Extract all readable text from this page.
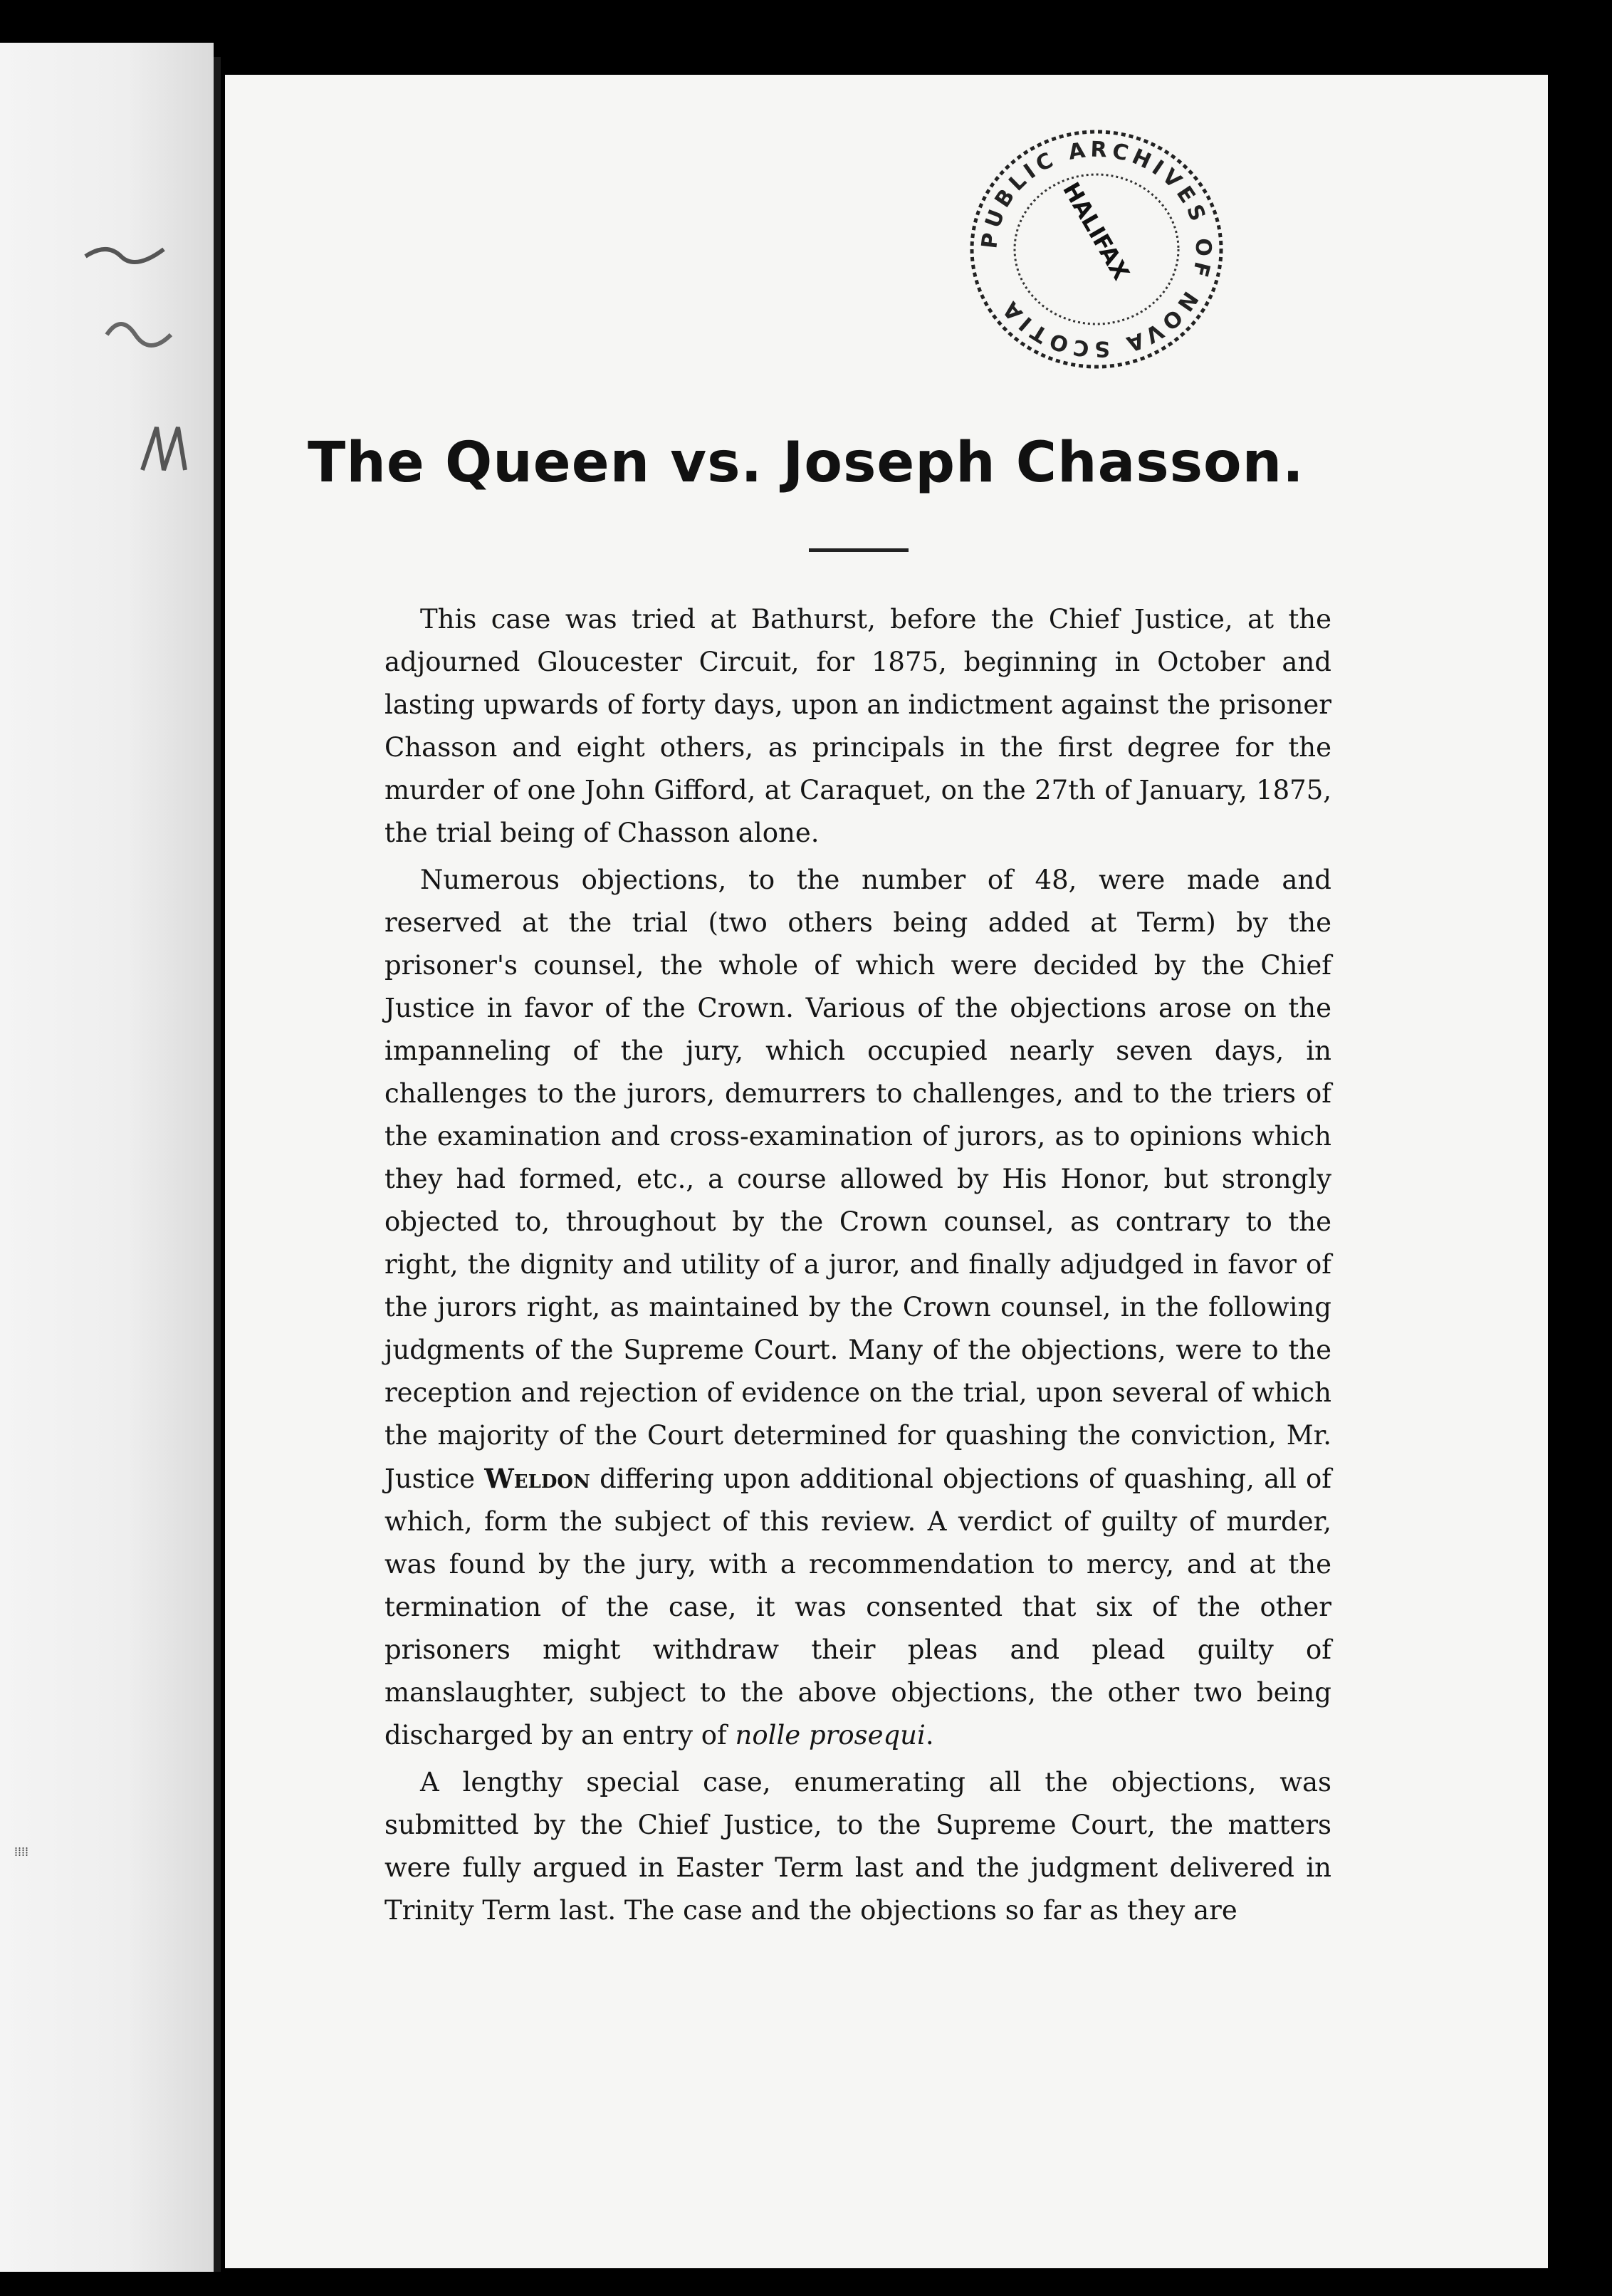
⁞⁞⁞⁞
PUBLIC ARCHIVES OF NOVA SCOTIA
HALIFAX
The Queen vs. Joseph Chasson.

This case was tried at Bathurst, before the Chief Justice, at the adjourned Gloucester Circuit, for 1875, beginning in October and lasting upwards of forty days, upon an indictment against the prisoner Chasson and eight others, as principals in the first degree for the murder of one John Gifford, at Caraquet, on the 27th of January, 1875, the trial being of Chasson alone.

Numerous objections, to the number of 48, were made and reserved at the trial (two others being added at Term) by the prisoner's counsel, the whole of which were decided by the Chief Justice in favor of the Crown. Various of the objections arose on the impanneling of the jury, which occupied nearly seven days, in challenges to the jurors, demurrers to challenges, and to the triers of the examination and cross-examination of jurors, as to opinions which they had formed, etc., a course allowed by His Honor, but strongly objected to, throughout by the Crown counsel, as contrary to the right, the dignity and utility of a juror, and finally adjudged in favor of the jurors right, as maintained by the Crown counsel, in the following judgments of the Supreme Court. Many of the objections, were to the reception and rejection of evidence on the trial, upon several of which the majority of the Court determined for quashing the conviction, Mr. Justice Weldon differing upon additional objections of quashing, all of which, form the subject of this review. A verdict of guilty of murder, was found by the jury, with a recommendation to mercy, and at the termination of the case, it was consented that six of the other prisoners might withdraw their pleas and plead guilty of manslaughter, subject to the above objections, the other two being discharged by an entry of nolle prosequi.

A lengthy special case, enumerating all the objections, was submitted by the Chief Justice, to the Supreme Court, the matters were fully argued in Easter Term last and the judgment delivered in Trinity Term last. The case and the objections so far as they are
